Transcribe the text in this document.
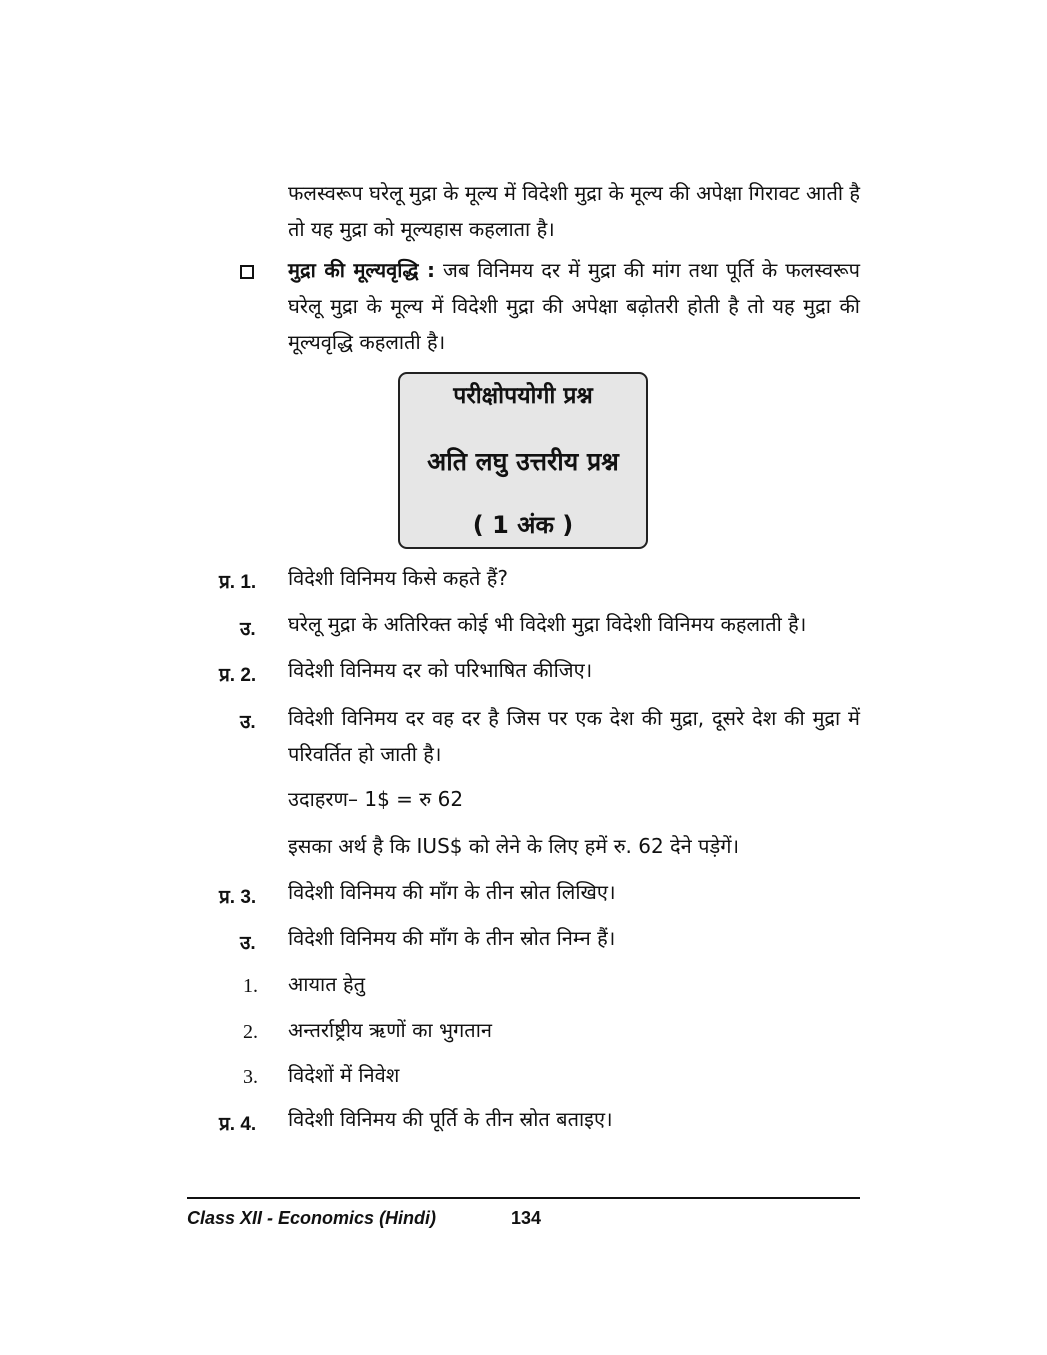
फलस्वरूप घरेलू मुद्रा के मूल्य में विदेशी मुद्रा के मूल्य की अपेक्षा गिरावट आती है तो यह मुद्रा को मूल्यहास कहलाता है।
मुद्रा की मूल्यवृद्धि : जब विनिमय दर में मुद्रा की मांग तथा पूर्ति के फलस्वरूप घरेलू मुद्रा के मूल्य में विदेशी मुद्रा की अपेक्षा बढ़ोतरी होती है तो यह मुद्रा की मूल्यवृद्धि कहलाती है।
परीक्षोपयोगी प्रश्न
अति लघु उत्तरीय प्रश्न
( 1 अंक )
प्र. 1. विदेशी विनिमय किसे कहते हैं?
उ. घरेलू मुद्रा के अतिरिक्त कोई भी विदेशी मुद्रा विदेशी विनिमय कहलाती है।
प्र. 2. विदेशी विनिमय दर को परिभाषित कीजिए।
उ. विदेशी विनिमय दर वह दर है जिस पर एक देश की मुद्रा, दूसरे देश की मुद्रा में परिवर्तित हो जाती है।
उदाहरण– 1$ = रु 62
इसका अर्थ है कि IUS$ को लेने के लिए हमें रु. 62 देने पड़ेगें।
प्र. 3. विदेशी विनिमय की माँग के तीन स्रोत लिखिए।
उ. विदेशी विनिमय की माँग के तीन स्रोत निम्न हैं।
1. आयात हेतु
2. अन्तर्राष्ट्रीय ऋणों का भुगतान
3. विदेशों में निवेश
प्र. 4. विदेशी विनिमय की पूर्ति के तीन स्रोत बताइए।
Class XII - Economics (Hindi)	134
